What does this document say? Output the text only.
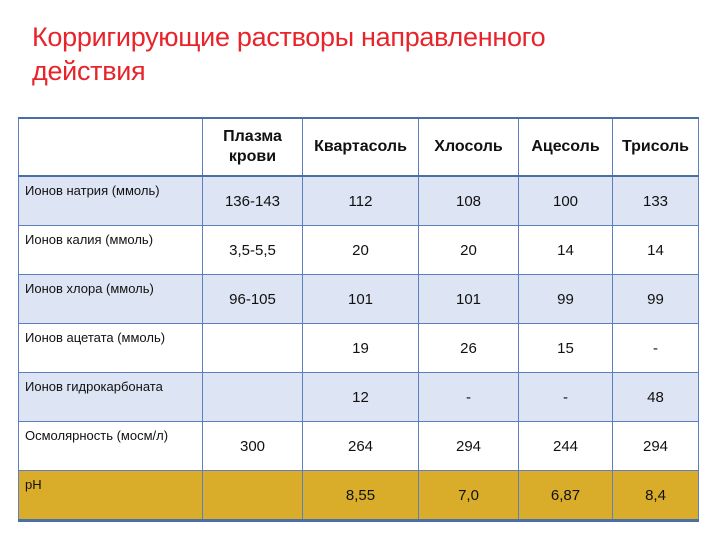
Корригирующие растворы направленного
действия
	Плазма крови	Квартасоль	Хлосоль	Ацесоль	Трисоль
Ионов натрия (ммоль)	136-143	112	108	100	133
Ионов калия (ммоль)	3,5-5,5	20	20	14	14
Ионов хлора (ммоль)	96-105	101	101	99	99
Ионов ацетата (ммоль)		19	26	15	-
Ионов гидрокарбоната		12	-	-	48
Осмолярность (мосм/л)	300	264	294	244	294
pH		8,55	7,0	6,87	8,4
